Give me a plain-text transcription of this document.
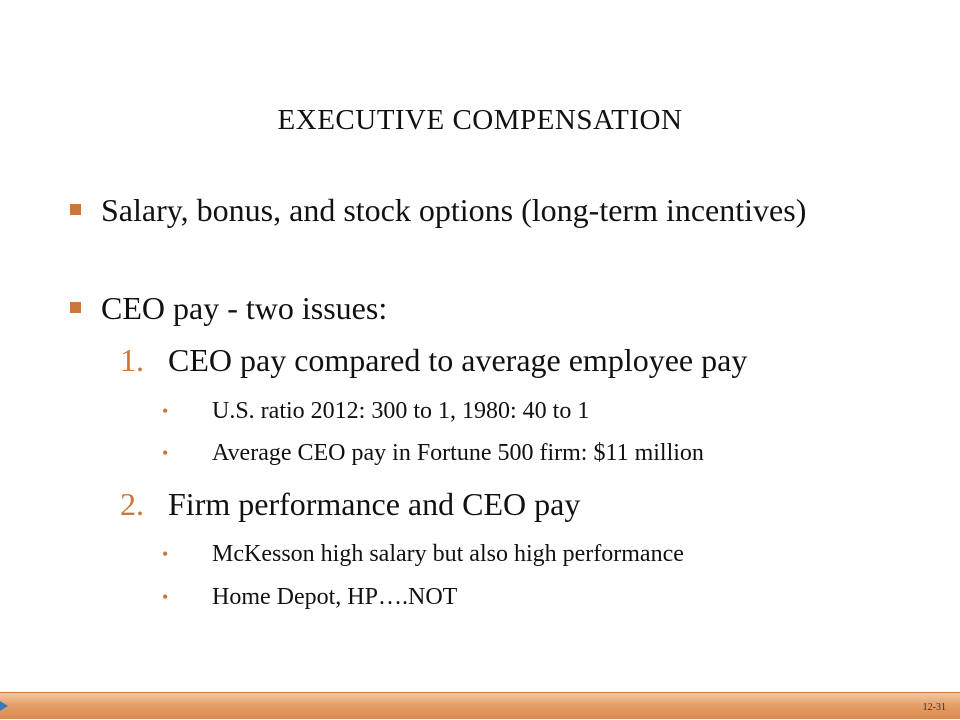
EXECUTIVE COMPENSATION
Salary, bonus, and stock options (long-term incentives)
CEO pay - two issues:
1. CEO pay compared to average employee pay
• U.S. ratio 2012: 300 to 1, 1980: 40 to 1
• Average CEO pay in Fortune 500 firm: $11 million
2. Firm performance and CEO pay
• McKesson high salary but also high performance
• Home Depot, HP….NOT
12-31
